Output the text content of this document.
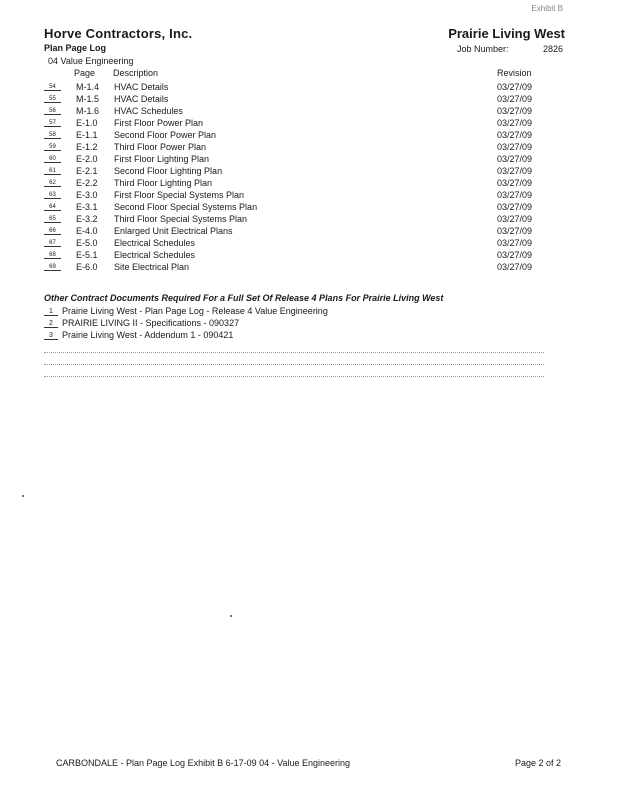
Exhibit B
Horve Contractors, Inc.	Prairie Living West
Plan Page Log	Job Number:	2826
04 Value Engineering
Page Description	Revision
54	M-1.4 HVAC Details	03/27/09
55	M-1.5 HVAC Details	03/27/09
56	M-1.6 HVAC Schedules	03/27/09
57	E-1.0 First Floor Power Plan	03/27/09
58	E-1.1 Second Floor Power Plan	03/27/09
59	E-1.2 Third Floor Power Plan	03/27/09
60	E-2.0 First Floor Lighting Plan	03/27/09
61	E-2.1 Second Floor Lighting Plan	03/27/09
62	E-2.2 Third Floor Lighting Plan	03/27/09
63	E-3.0 First Floor Special Systems Plan	03/27/09
64	E-3.1 Second Floor Special Systems Plan	03/27/09
65	E-3.2 Third Floor Special Systems Plan	03/27/09
66	E-4.0 Enlarged Unit Electrical Plans	03/27/09
67	E-5.0 Electrical Schedules	03/27/09
68	E-5.1 Electrical Schedules	03/27/09
69	E-6.0 Site Electrical Plan	03/27/09
Other Contract Documents Required For a Full Set Of Release 4 Plans For Prairie Living West
1	Prairie Living West - Plan Page Log - Release 4 Value Engineering
2	PRAIRIE LIVING II - Specifications - 090327
3	Prairie Living West - Addendum 1 - 090421
CARBONDALE - Plan Page Log Exhibit B 6-17-09 04 - Value Engineering	Page 2 of 2
